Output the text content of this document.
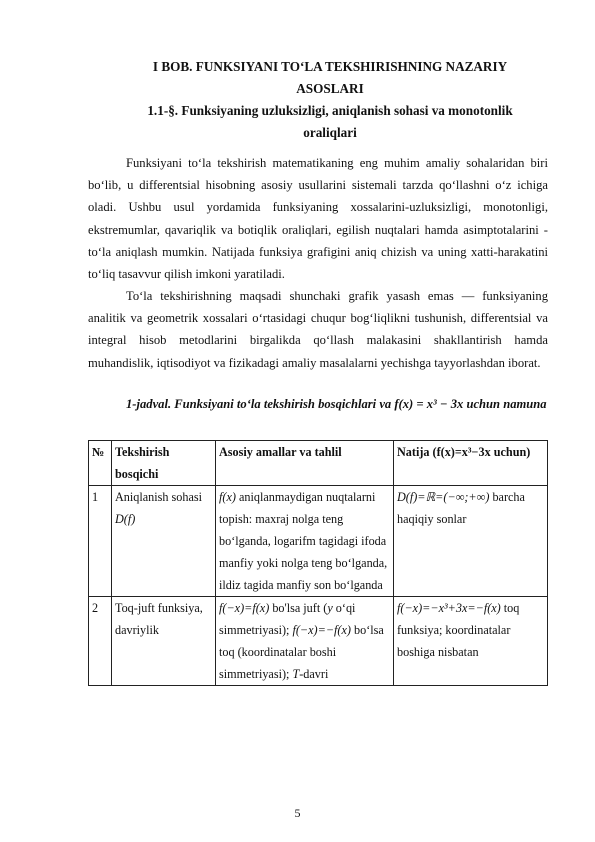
I BOB. FUNKSIYANI TOʻLA TEKSHIRISHNING NAZARIY
ASOSLARI
1.1-§. Funksiyaning uzluksizligi, aniqlanish sohasi va monotonlik
oraliqlari

Funksiyani toʻla tekshirish matematikaning eng muhim amaliy sohalaridan biri boʻlib, u differentsial hisobning asosiy usullarini sistemali tarzda qoʻllashni oʻz ichiga oladi. Ushbu usul yordamida funksiyaning xossalarini-uzluksizligi, monotonligi, ekstremumlar, qavariqlik va botiqlik oraliqlari, egilish nuqtalari hamda asimptotalarini - toʻla aniqlash mumkin. Natijada funksiya grafigini aniq chizish va uning xatti-harakatini toʻliq tasavvur qilish imkoni yaratiladi.

Toʻla tekshirishning maqsadi shunchaki grafik yasash emas — funksiyaning analitik va geometrik xossalari oʻrtasidagi chuqur bogʻliqlikni tushunish, differentsial va integral hisob metodlarini birgalikda qoʻllash malakasini shakllantirish hamda muhandislik, iqtisodiyot va fizikadagi amaliy masalalarni yechishga tayyorlashdan iborat.

1-jadval. Funksiyani toʻla tekshirish bosqichlari va f(x) = x³ − 3x uchun namuna
№	Tekshirish bosqichi	Asosiy amallar va tahlil	Natija (f(x)=x³−3x uchun)
1	Aniqlanish sohasi D(f)	f(x) aniqlanmaydigan nuqtalarni topish: maxraj nolga teng boʻlganda, logarifm tagidagi ifoda manfiy yoki nolga teng boʻlganda, ildiz tagida manfiy son boʻlganda	D(f)=ℝ=(−∞;+∞) barcha haqiqiy sonlar
2	Toq-juft funksiya, davriylik	f(−x)=f(x) bo'lsa juft (y oʻqi simmetriyasi); f(−x)=−f(x) boʻlsa toq (koordinatalar boshi simmetriyasi); T-davri	f(−x)=−x³+3x=−f(x) toq funksiya; koordinatalar boshiga nisbatan
5
